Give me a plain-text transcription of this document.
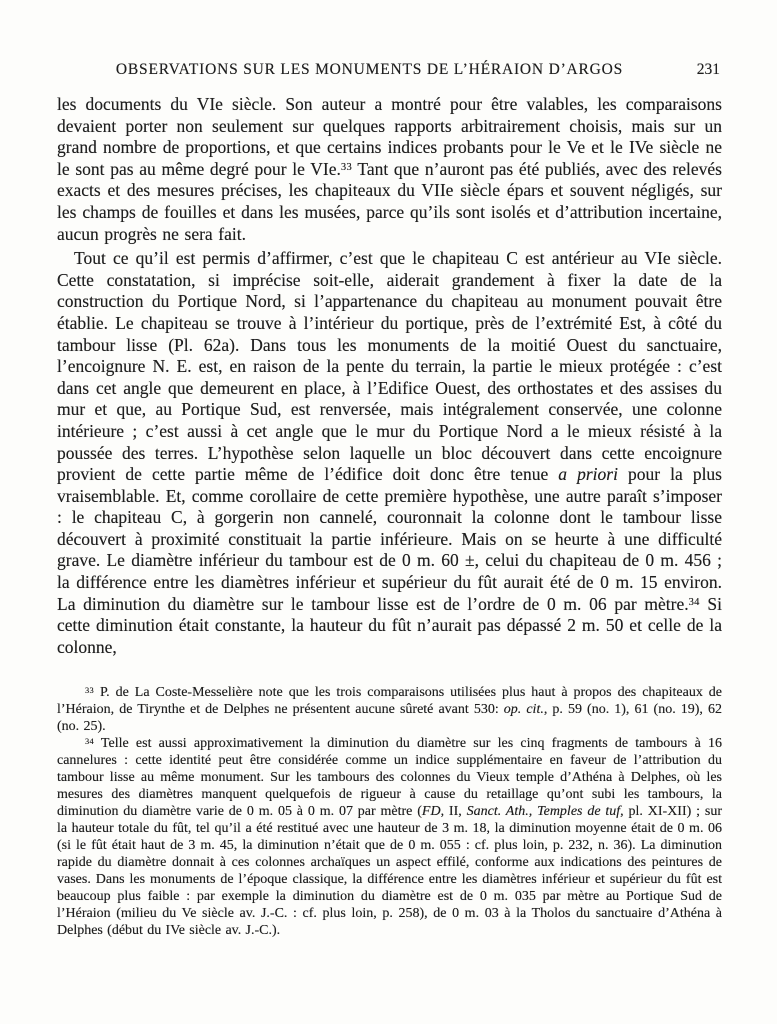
OBSERVATIONS SUR LES MONUMENTS DE L’HÉRAION D’ARGOS	231

les documents du VIe siècle. Son auteur a montré pour être valables, les comparaisons devaient porter non seulement sur quelques rapports arbitrairement choisis, mais sur un grand nombre de proportions, et que certains indices probants pour le Ve et le IVe siècle ne le sont pas au même degré pour le VIe.$^{33}$ Tant que n’auront pas été publiés, avec des relevés exacts et des mesures précises, les chapiteaux du VIIe siècle épars et souvent négligés, sur les champs de fouilles et dans les musées, parce qu’ils sont isolés et d’attribution incertaine, aucun progrès ne sera fait.

Tout ce qu’il est permis d’affirmer, c’est que le chapiteau C est antérieur au VIe siècle. Cette constatation, si imprécise soit-elle, aiderait grandement à fixer la date de la construction du Portique Nord, si l’appartenance du chapiteau au monument pouvait être établie. Le chapiteau se trouve à l’intérieur du portique, près de l’extrémité Est, à côté du tambour lisse (Pl. 62a). Dans tous les monuments de la moitié Ouest du sanctuaire, l’encoignure N. E. est, en raison de la pente du terrain, la partie le mieux protégée : c’est dans cet angle que demeurent en place, à l’Edifice Ouest, des orthostates et des assises du mur et que, au Portique Sud, est renversée, mais intégralement conservée, une colonne intérieure ; c’est aussi à cet angle que le mur du Portique Nord a le mieux résisté à la poussée des terres. L’hypothèse selon laquelle un bloc découvert dans cette encoignure provient de cette partie même de l’édifice doit donc être tenue a priori pour la plus vraisemblable. Et, comme corollaire de cette première hypothèse, une autre paraît s’imposer : le chapiteau C, à gorgerin non cannelé, couronnait la colonne dont le tambour lisse découvert à proximité constituait la partie inférieure. Mais on se heurte à une difficulté grave. Le diamètre inférieur du tambour est de 0 m. 60 ±, celui du chapiteau de 0 m. 456 ; la différence entre les diamètres inférieur et supérieur du fût aurait été de 0 m. 15 environ. La diminution du diamètre sur le tambour lisse est de l’ordre de 0 m. 06 par mètre.$^{34}$ Si cette diminution était constante, la hauteur du fût n’aurait pas dépassé 2 m. 50 et celle de la colonne,

$^{33}$ P. de La Coste-Messelière note que les trois comparaisons utilisées plus haut à propos des chapiteaux de l’Héraion, de Tirynthe et de Delphes ne présentent aucune sûreté avant 530: op. cit., p. 59 (no. 1), 61 (no. 19), 62 (no. 25).

$^{34}$ Telle est aussi approximativement la diminution du diamètre sur les cinq fragments de tambours à 16 cannelures : cette identité peut être considérée comme un indice supplémentaire en faveur de l’attribution du tambour lisse au même monument. Sur les tambours des colonnes du Vieux temple d’Athéna à Delphes, où les mesures des diamètres manquent quelquefois de rigueur à cause du retaillage qu’ont subi les tambours, la diminution du diamètre varie de 0 m. 05 à 0 m. 07 par mètre (FD, II, Sanct. Ath., Temples de tuf, pl. XI-XII) ; sur la hauteur totale du fût, tel qu’il a été restitué avec une hauteur de 3 m. 18, la diminution moyenne était de 0 m. 06 (si le fût était haut de 3 m. 45, la diminution n’était que de 0 m. 055 : cf. plus loin, p. 232, n. 36). La diminution rapide du diamètre donnait à ces colonnes archaïques un aspect effilé, conforme aux indications des peintures de vases. Dans les monuments de l’époque classique, la différence entre les diamètres inférieur et supérieur du fût est beaucoup plus faible : par exemple la diminution du diamètre est de 0 m. 035 par mètre au Portique Sud de l’Héraion (milieu du Ve siècle av. J.-C. : cf. plus loin, p. 258), de 0 m. 03 à la Tholos du sanctuaire d’Athéna à Delphes (début du IVe siècle av. J.-C.).
